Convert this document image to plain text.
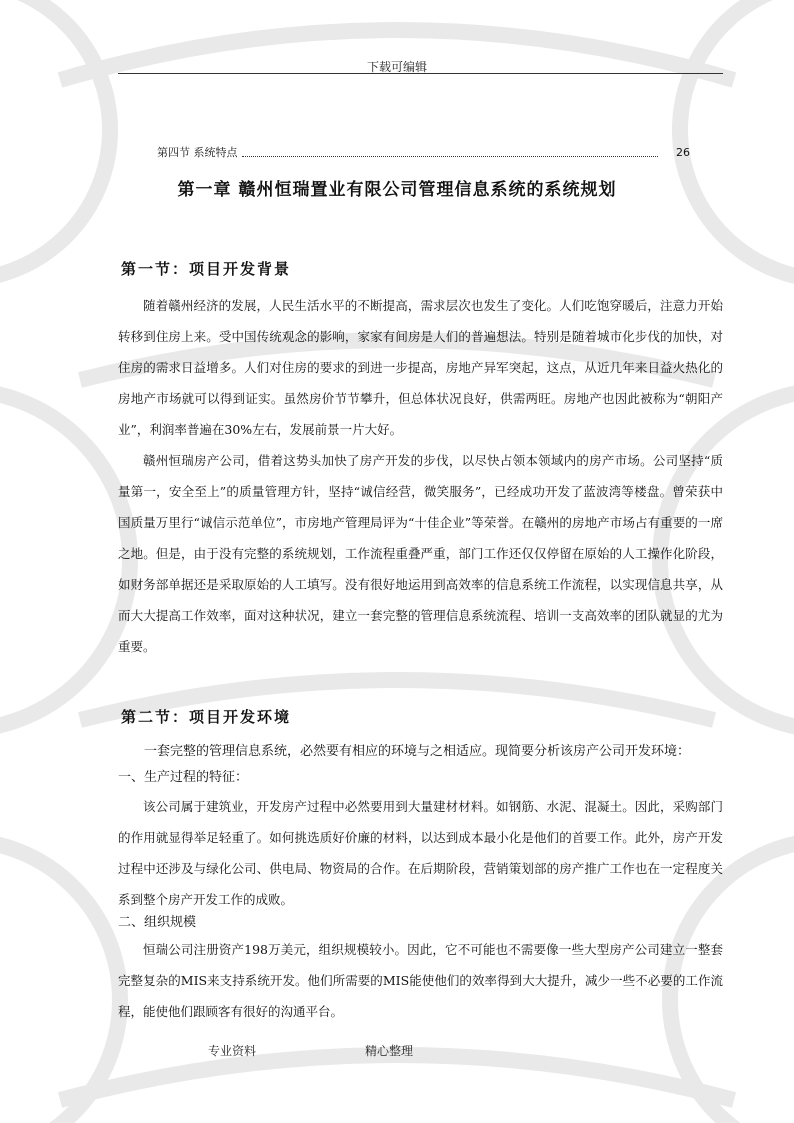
下载可编辑
第四节 系统特点	26
第一章 赣州恒瑞置业有限公司管理信息系统的系统规划
第一节：项目开发背景

随着赣州经济的发展，人民生活水平的不断提高，需求层次也发生了变化。人们吃饱穿暖后，注意力开始转移到住房上来。受中国传统观念的影响，家家有间房是人们的普遍想法。特别是随着城市化步伐的加快，对住房的需求日益增多。人们对住房的要求的到进一步提高，房地产异军突起，这点，从近几年来日益火热化的房地产市场就可以得到证实。虽然房价节节攀升，但总体状况良好，供需两旺。房地产也因此被称为“朝阳产业”，利润率普遍在30%左右，发展前景一片大好。

赣州恒瑞房产公司，借着这势头加快了房产开发的步伐，以尽快占领本领域内的房产市场。公司坚持“质量第一，安全至上”的质量管理方针，坚持“诚信经营，微笑服务”，已经成功开发了蓝波湾等楼盘。曾荣获中国质量万里行“诚信示范单位”，市房地产管理局评为“十佳企业”等荣誉。在赣州的房地产市场占有重要的一席之地。但是，由于没有完整的系统规划，工作流程重叠严重，部门工作还仅仅停留在原始的人工操作化阶段，如财务部单据还是采取原始的人工填写。没有很好地运用到高效率的信息系统工作流程，以实现信息共享，从而大大提高工作效率，面对这种状况，建立一套完整的管理信息系统流程、培训一支高效率的团队就显的尤为重要。

第二节：项目开发环境

一套完整的管理信息系统，必然要有相应的环境与之相适应。现简要分析该房产公司开发环境：

一、生产过程的特征：

该公司属于建筑业，开发房产过程中必然要用到大量建材材料。如钢筋、水泥、混凝土。因此，采购部门的作用就显得举足轻重了。如何挑选质好价廉的材料，以达到成本最小化是他们的首要工作。此外，房产开发过程中还涉及与绿化公司、供电局、物资局的合作。在后期阶段，营销策划部的房产推广工作也在一定程度关系到整个房产开发工作的成败。

二、组织规模

恒瑞公司注册资产198万美元，组织规模较小。因此，它不可能也不需要像一些大型房产公司建立一整套完整复杂的MIS来支持系统开发。他们所需要的MIS能使他们的效率得到大大提升，减少一些不必要的工作流程，能使他们跟顾客有很好的沟通平台。

专业资料	精心整理
